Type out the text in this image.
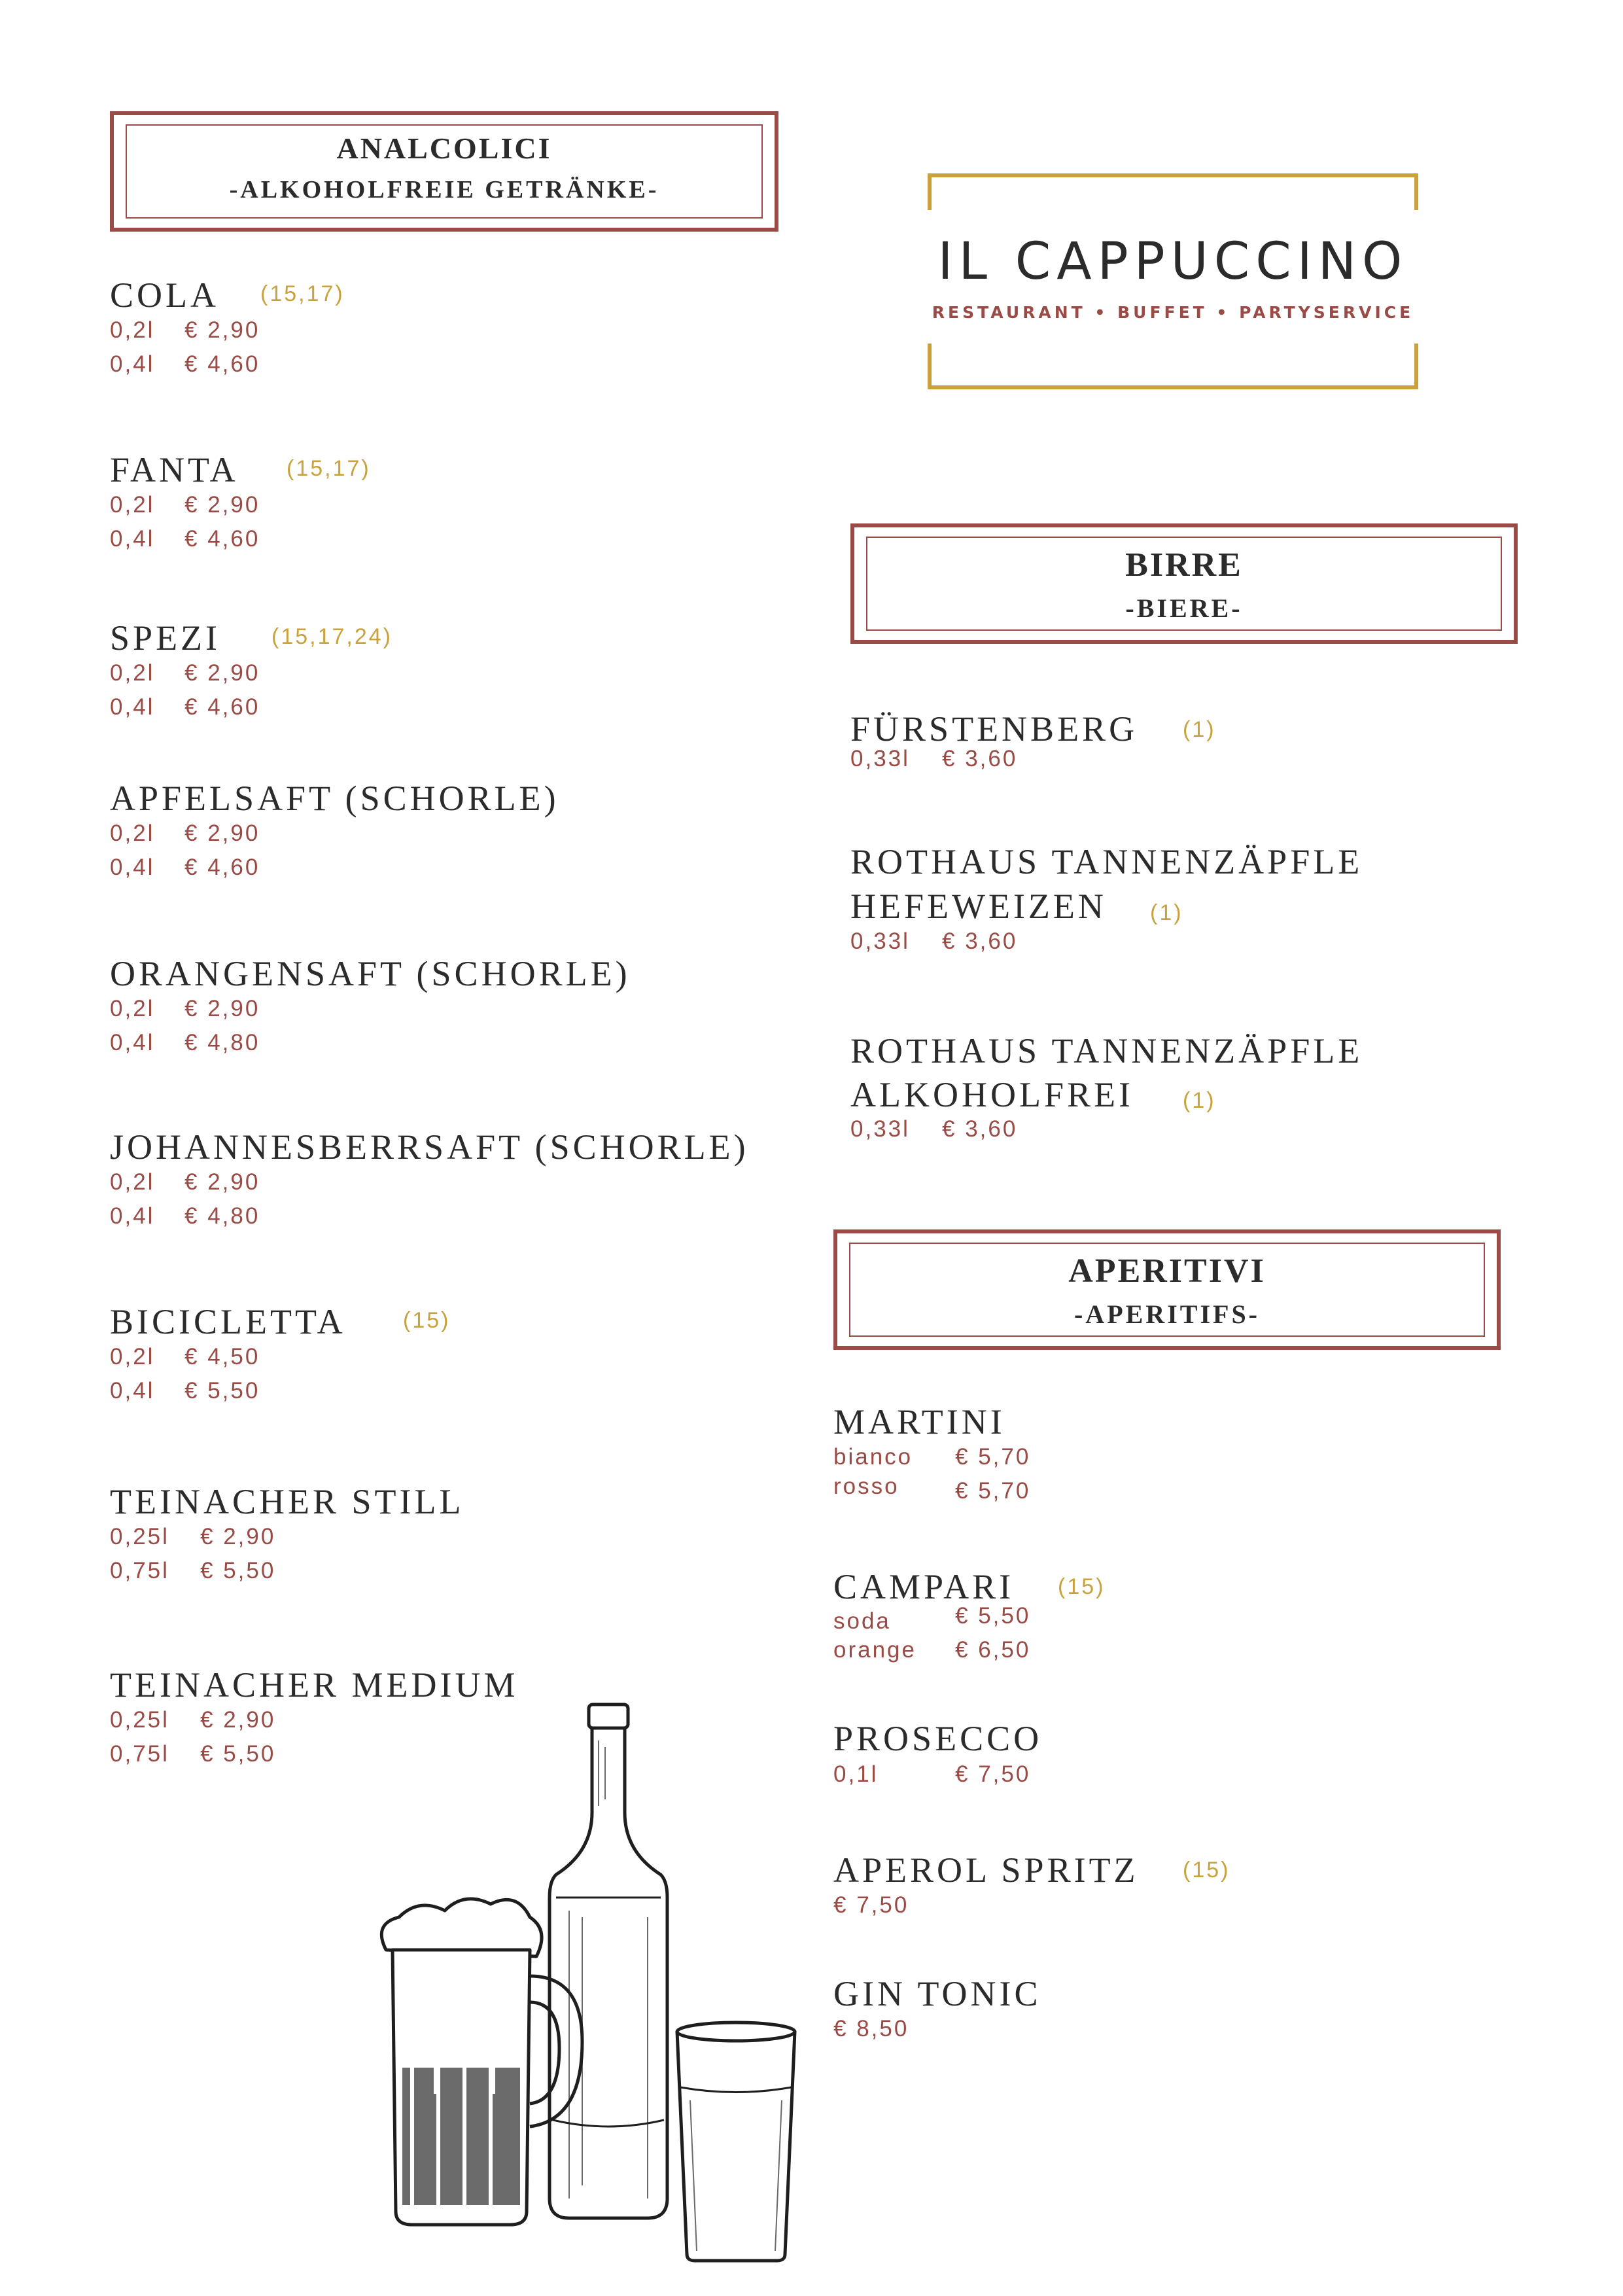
ANALCOLICI
-ALKOHOLFREIE GETRÄNKE-
IL CAPPUCCINO
RESTAURANT • BUFFET • PARTYSERVICE
COLA (15,17)
0,2l € 2,90
0,4l € 4,60
FANTA (15,17)
0,2l € 2,90
0,4l € 4,60
SPEZI (15,17,24)
0,2l € 2,90
0,4l € 4,60
APFELSAFT (SCHORLE)
0,2l € 2,90
0,4l € 4,60
ORANGENSAFT (SCHORLE)
0,2l € 2,90
0,4l € 4,80
JOHANNESBERRSAFT (SCHORLE)
0,2l € 2,90
0,4l € 4,80
BICICLETTA	(15)
0,2l € 4,50
0,4l € 5,50
TEINACHER STILL
0,25l € 2,90
0,75l € 5,50
TEINACHER MEDIUM
0,25l € 2,90
0,75l € 5,50
BIRRE
-BIERE-
FÜRSTENBERG (1)
0,33l € 3,60
ROTHAUS TANNENZÄPFLE
HEFEWEIZEN (1)
0,33l € 3,60
ROTHAUS TANNENZÄPFLE
ALKOHOLFREI (1)
0,33l € 3,60
APERITIVI
-APERITIFS-
MARTINI
bianco € 5,70
rosso € 5,70
CAMPARI (15)
soda	€ 5,50
orange € 6,50
PROSECCO
0,1l	€ 7,50
APEROL SPRITZ (15)
€ 7,50
GIN TONIC
€ 8,50
